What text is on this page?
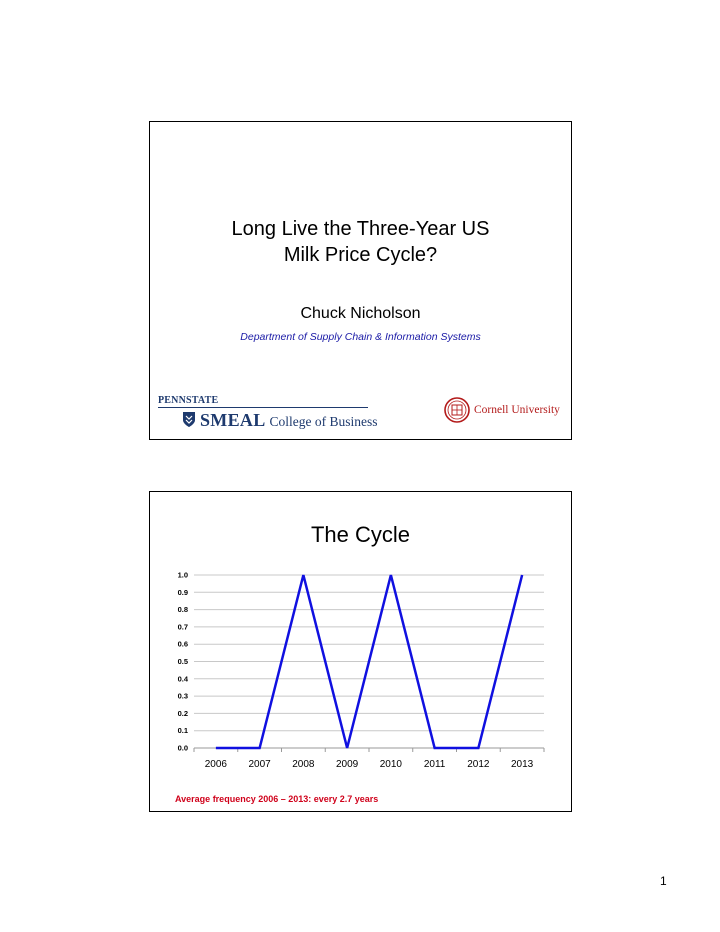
Long Live the Three-Year US
Milk Price Cycle?
Chuck Nicholson
Department of Supply Chain & Information Systems
PENNSTATE
SMEAL College of Business
Cornell University
The Cycle
0.0
0.1
0.2
0.3
0.4
0.5
0.6
0.7
0.8
0.9
1.0
2006 2007 2008 2009 2010 2011 2012 2013
Average frequency 2006 – 2013: every 2.7 years
1
